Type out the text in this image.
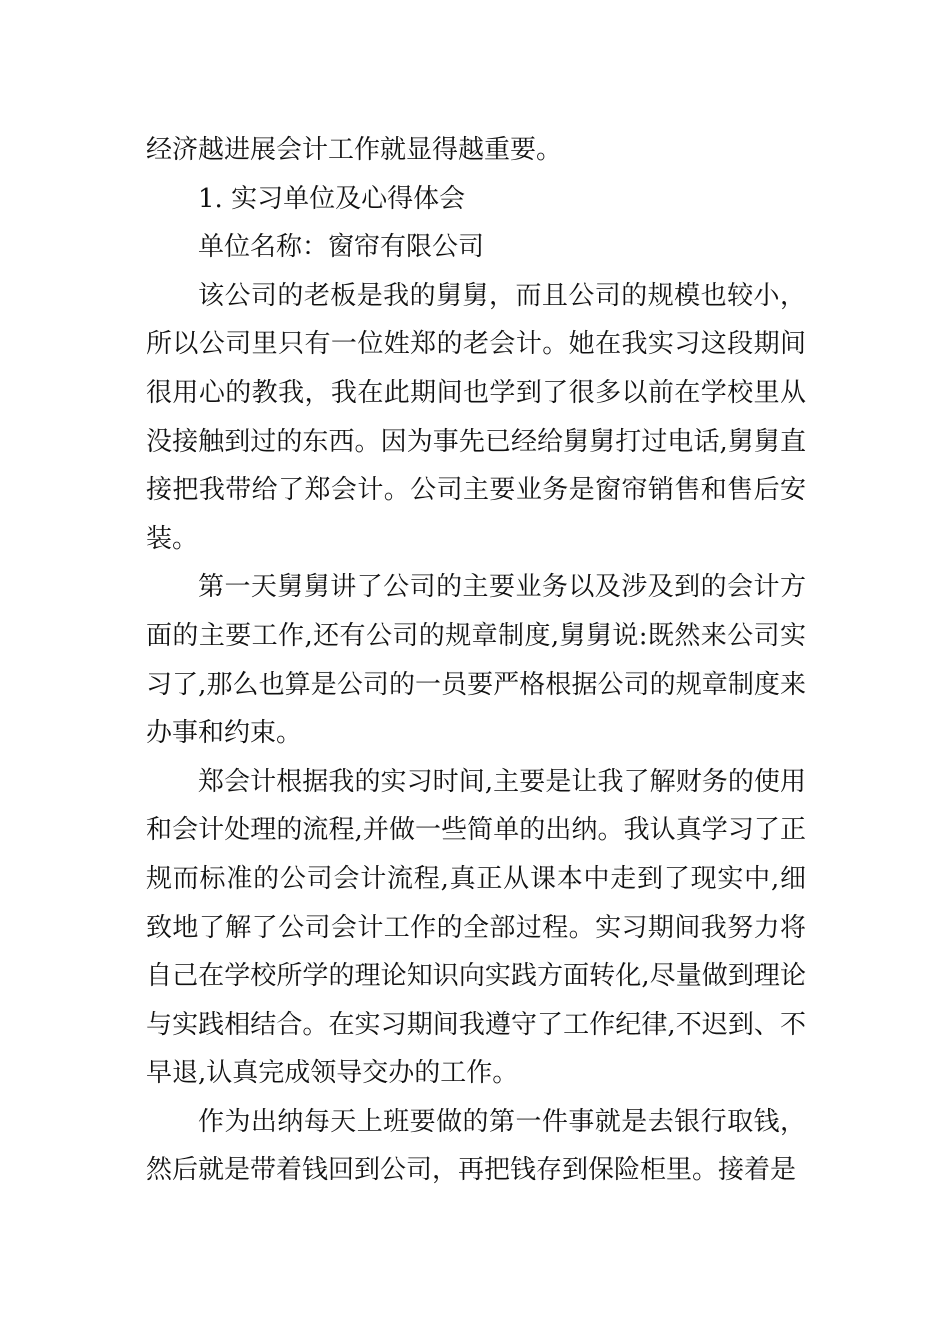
经济越进展会计工作就显得越重要。

1. 实习单位及心得体会

单位名称：窗帘有限公司

该公司的老板是我的舅舅，而且公司的规模也较小，所以公司里只有一位姓郑的老会计。她在我实习这段期间很用心的教我，我在此期间也学到了很多以前在学校里从没接触到过的东西。因为事先已经给舅舅打过电话,舅舅直接把我带给了郑会计。公司主要业务是窗帘销售和售后安装。

第一天舅舅讲了公司的主要业务以及涉及到的会计方面的主要工作,还有公司的规章制度,舅舅说:既然来公司实习了,那么也算是公司的一员要严格根据公司的规章制度来办事和约束。

郑会计根据我的实习时间,主要是让我了解财务的使用和会计处理的流程,并做一些简单的出纳。我认真学习了正规而标准的公司会计流程,真正从课本中走到了现实中,细致地了解了公司会计工作的全部过程。实习期间我努力将自己在学校所学的理论知识向实践方面转化,尽量做到理论与实践相结合。在实习期间我遵守了工作纪律,不迟到、不早退,认真完成领导交办的工作。

作为出纳每天上班要做的第一件事就是去银行取钱，然后就是带着钱回到公司，再把钱存到保险柜里。接着是
